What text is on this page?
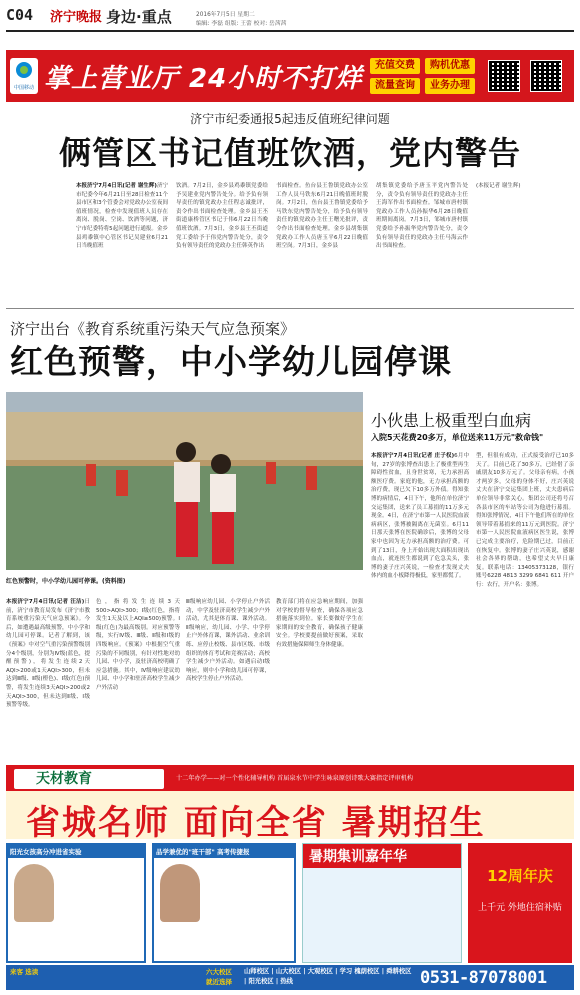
C04 济宁晚报 身边·重点	2016年7月5日 星期二
编辑: 李磊 组版: 王蕾 校对: 岳茜茜
中国移动 掌上营业厅 24小时不打烊	充值交费	购机优惠
流量查询	业务办理
济宁市纪委通报5起违反值班纪律问题
俩管区书记值班饮酒，党内警告
本报济宁7月4日讯(记者 谢生辉)济宁市纪委今年6月21日至28日检查11个县市区和3个管委会对党政办公室夜间值班情况，检查中发现值班人员存在离岗、脱岗、空岗、饮酒等问题，济宁市纪委特将5起问题进行通报。金乡县鸡黍镇中心管区书记吴建业6月21日当晚值班
饮酒。7月2日，金乡县鸡黍镇党委给予吴建业党内警告处分。给予负有领导责任的镇党政办主任程志诚批评，责令作出书面检查处理。金乡县王丕街道康桥管区书记于伟6月22日当晚值班饮酒。7月3日，金乡县王丕街道党工委给予于伟党内警告处分，责令负有领导责任的党政办主任韩英作出
书面检查。鱼台县王鲁镇党政办公室工作人员马铁东6月21日晚值班时脱岗。7月2日，鱼台县王鲁镇党委给予马铁东党内警告处分，给予负有领导责任的镇党政办主任王曙光批评，责令作出书面检查处理。金乡县胡集镇党政办工作人员唐玉平6月22日晚值班空岗。7月3日，金乡县
胡集镇党委给予唐玉平党内警告处分，责令负有领导责任的党政办主任王海军作出书面检查。邹城市唐村镇党政办工作人员孙振华6月28日晚值班期间离岗。7月3日，邹城市唐村镇党委给予孙振华党内警告处分，责令负有领导责任的党政办主任马海云作出书面检查。
(本报记者 谢生辉)
济宁出台《教育系统重污染天气应急预案》
红色预警，中小学幼儿园停课
红色预警时，中小学幼儿园可停课。(资料图)
小伙患上极重型白血病
入院5天花费20多万，单位送来11万元"救命钱"
本报济宁7月4日讯(记者 庄子权)6月中旬，27岁的张博查出患上了极重型再生障碍性贫血，且身世贫寒，无力承担高额医疗费。家庭的他，无力承担高额的治疗费，现已欠下10多万外债。得知张博的病情后，4日下午，他所在单位济宁交运集团，送来了员工募捐的11万多元现金。4日，在济宁市第一人民医院血液病病区，张博被隔离在无菌室。6月11日那天张博在医院确诊后，张博的父母家中也因为无力承担高额的治疗费。可到了13日，身上开始出现大面积出现出血点，就连医生都说到了危急关头，张博的妻子庄兴英说，一检查才发现丈夫体内的血小板降得极低，家里都慌了。
型，但很有成功，正式接受治疗已10多天了。目前已花了30多万，已经借了亲戚朋友10多万元了。父母亲有病，小孩才两岁多，父母的身体不好，庄兴英说丈夫在济宁交运集团上班，丈夫患病后单位领导非常关心。集团公司还将号召各县市区的车站等公司为他进行募捐。得知张博情况，4日下午他们所在的单位领导带着募捐来的11万元到医院。济宁市第一人民医院血液病区医生说，张博已完成主要治疗，危险期已过，目前正在恢复中。张博的妻子庄兴英说，感谢社会各界的帮助，也希望丈夫早日康复。联系电话：13405373128，银行账号6228 4813 3299 6841 611 开户行：农行，开户名：张博。
本报济宁7月4日讯(记者 汪洁)日前，济宁市教育局发布《济宁市教育系统重污染天气应急预案》。今后，如遭遇最高级预警，中小学和幼儿园可停课。记者了解到，该《预案》中对空气重污染预警级别分4个级别，分别为Ⅳ级(蓝色，提醒预警)，将发生连续2天AQI>200或1天AQI>300，但未达到Ⅲ级、Ⅱ级(橙色)、Ⅰ级(红色)预警，将发生连续3天AQI>200或2天AQI>300，但未达到Ⅱ级、Ⅰ级预警等级。
色，指将发生连续3天500>AQI>300；Ⅰ级(红色，指将发生1天及以上AQI≥500)预警。Ⅰ级(红色)为最高级别。对应预警等级，实行Ⅳ级、Ⅲ级、Ⅱ级和Ⅰ级的四级响应。《预案》中根据空气重污染的不同级别，有针对性地对幼儿园、中小学，及驻济高校明确了应急措施。其中，Ⅳ级响应建议幼儿园、中小学和驻济高校学生减少户外活动
Ⅲ级响应幼儿园、小学停止户外活动，中学及驻济高校学生减少户外活动，尤其是体育课、课外活动。Ⅱ级响应，幼儿园、小学、中学停止户外体育课，课外活动、业余训练、应停止校级、县市区级、市级组织的体育考试和竞赛活动；高校学生减少户外活动。如遇启动Ⅰ级响应，则中小学和幼儿园可停课，高校学生停止户外活动。
教育部门将在应急响应期间，加强对学校的督导检查，确保各项应急措施落实到位。家长要做好学生在家期间的安全教育，确保孩子健康安全。学校要提前做好预案，采取有效措施保障师生身体健康。
天材教育	十二年办学——对一个性化辅导机构 首届泉水节中学生咏泉原创诗歌大赛指定评审机构
省城名师 面向全省 暑期招生
阳光女孩高分冲进省实验	品学兼优的"班干部" 高考传捷报	暑期集训嘉年华
12周年庆
上千元 外地住宿补贴
来客 选读	六大校区 就近选择
山师校区 | 山大校区 | 大观校区 | 学习 槐荫校区 | 舜耕校区 | 阳光校区 | 热线	0531-87078001
